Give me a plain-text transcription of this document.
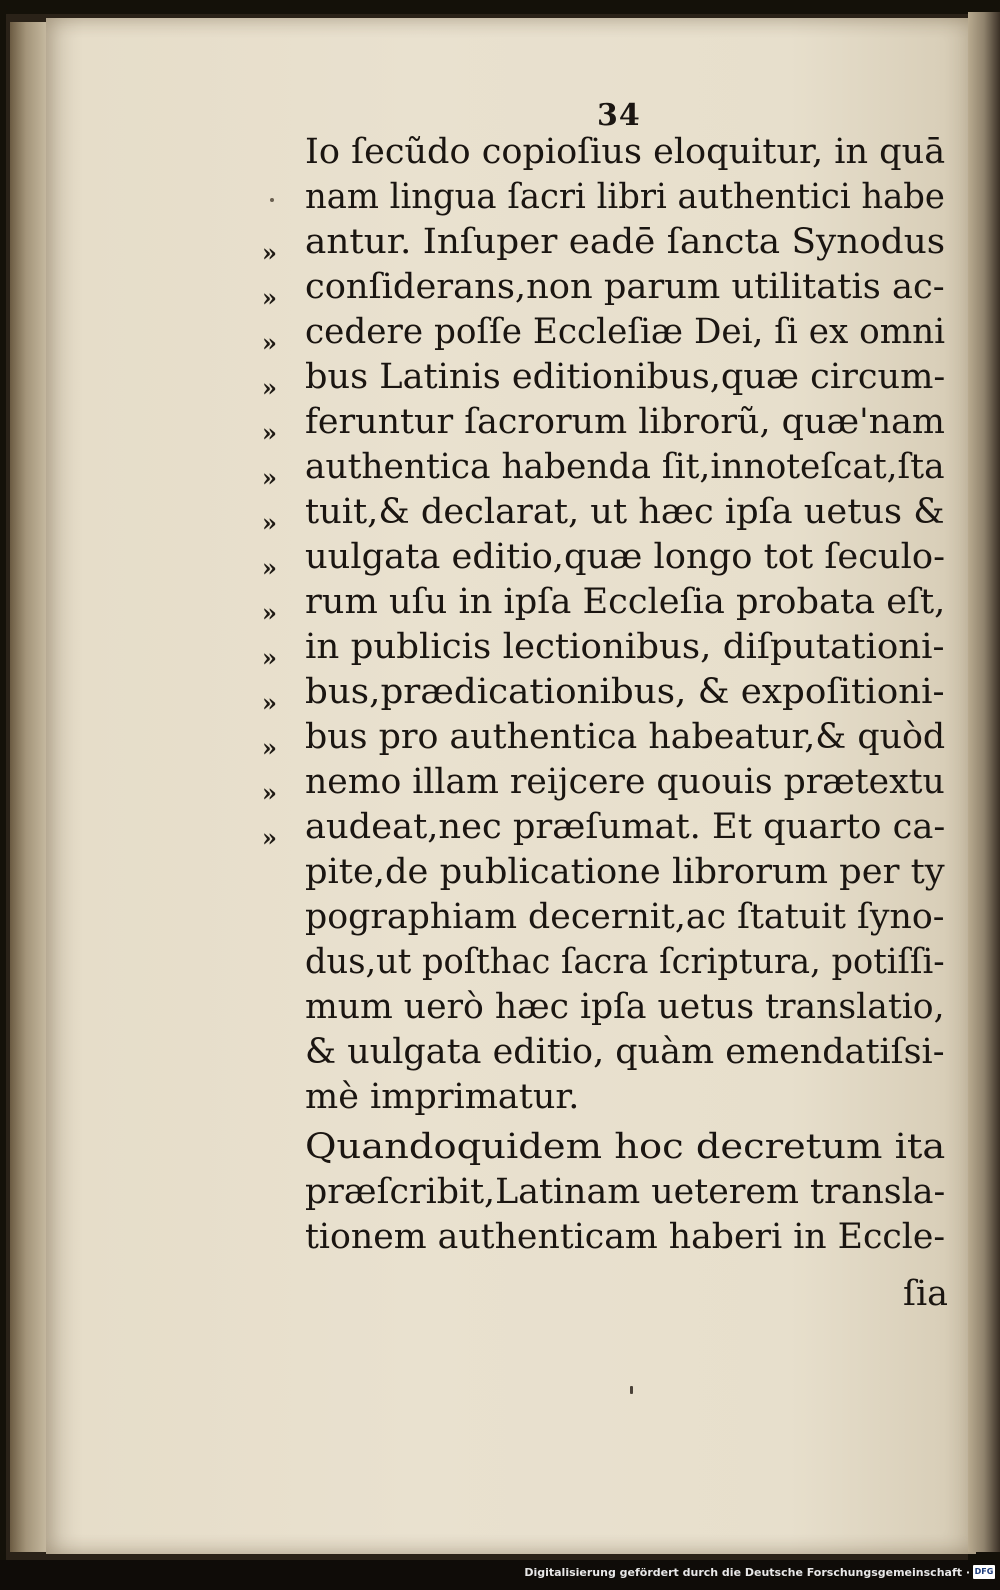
34
Io ſecũdo copioſius eloquitur, in quā
nam lingua ſacri libri authentici habe
antur. Inſuper eadē ſancta Synodus
conſiderans,non parum utilitatis ac-
cedere poſſe Eccleſiæ Dei, ſi ex omni
bus Latinis editionibus,quæ circum-
feruntur ſacrorum librorũ, quæ'nam
authentica habenda ſit,innoteſcat,ſta
tuit,& declarat, ut hæc ipſa uetus &
uulgata editio,quæ longo tot ſeculo-
rum uſu in ipſa Eccleſia probata eſt,
in publicis lectionibus, diſputationi-
bus,prædicationibus, & expoſitioni-
bus pro authentica habeatur,& quòd
nemo illam reijcere quouis prætextu
audeat,nec præſumat. Et quarto ca-
pite,de publicatione librorum per ty
pographiam decernit,ac ſtatuit ſyno-
dus,ut poſthac ſacra ſcriptura, potiſſi-
mum uerò hæc ipſa uetus translatio,
& uulgata editio, quàm emendatiſsi-
mè imprimatur.
Quandoquidem hoc decretum ita
præſcribit,Latinam ueterem transla-
tionem authenticam haberi in Eccle-
»
»
»
»
»
»
»
»
»
»
»
»
»
»
ſia
Digitalisierung gefördert durch die Deutsche Forschungsgemeinschaft · DFG
